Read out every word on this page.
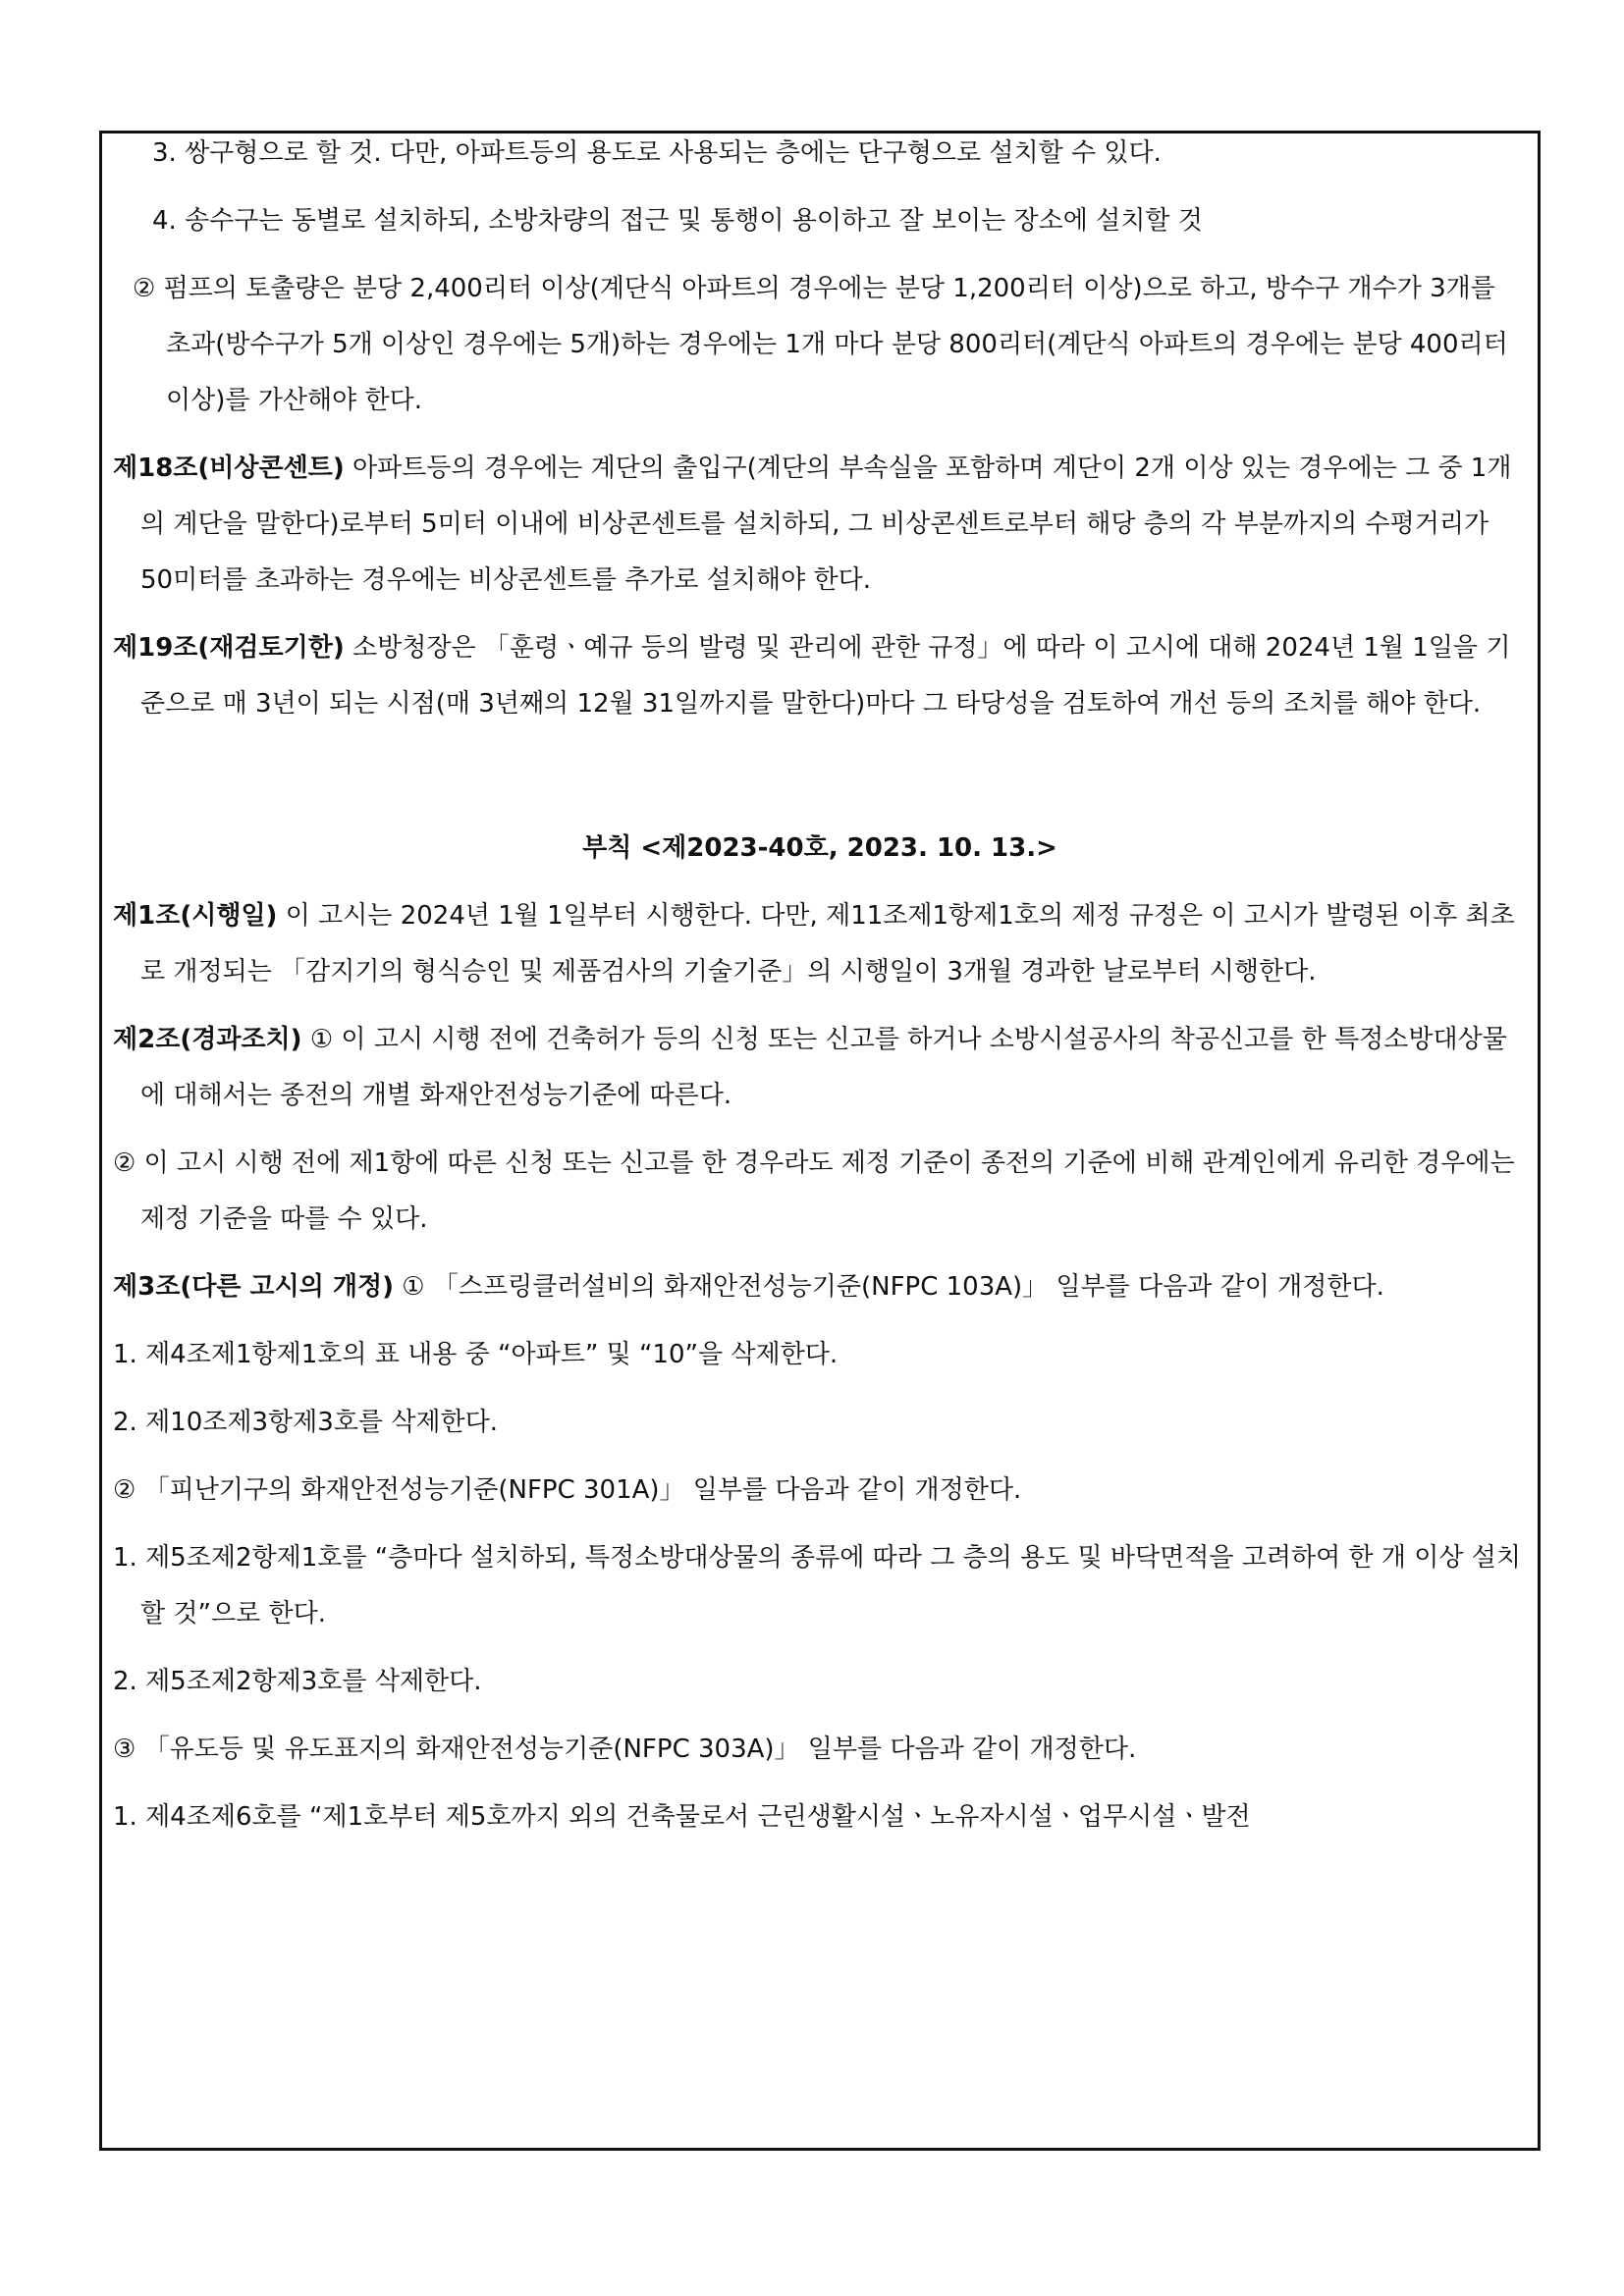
3. 쌍구형으로 할 것. 다만, 아파트등의 용도로 사용되는 층에는 단구형으로 설치할 수 있다.

4. 송수구는 동별로 설치하되, 소방차량의 접근 및 통행이 용이하고 잘 보이는 장소에 설치할 것

② 펌프의 토출량은 분당 2,400리터 이상(계단식 아파트의 경우에는 분당 1,200리터 이상)으로 하고, 방수구 개수가 3개를 초과(방수구가 5개 이상인 경우에는 5개)하는 경우에는 1개 마다 분당 800리터(계단식 아파트의 경우에는 분당 400리터 이상)를 가산해야 한다.

제18조(비상콘센트) 아파트등의 경우에는 계단의 출입구(계단의 부속실을 포함하며 계단이 2개 이상 있는 경우에는 그 중 1개의 계단을 말한다)로부터 5미터 이내에 비상콘센트를 설치하되, 그 비상콘센트로부터 해당 층의 각 부분까지의 수평거리가 50미터를 초과하는 경우에는 비상콘센트를 추가로 설치해야 한다.

제19조(재검토기한) 소방청장은 「훈령ㆍ예규 등의 발령 및 관리에 관한 규정」에 따라 이 고시에 대해 2024년 1월 1일을 기준으로 매 3년이 되는 시점(매 3년째의 12월 31일까지를 말한다)마다 그 타당성을 검토하여 개선 등의 조치를 해야 한다.

부칙 <제2023-40호, 2023. 10. 13.>

제1조(시행일) 이 고시는 2024년 1월 1일부터 시행한다. 다만, 제11조제1항제1호의 제정 규정은 이 고시가 발령된 이후 최초로 개정되는 「감지기의 형식승인 및 제품검사의 기술기준」의 시행일이 3개월 경과한 날로부터 시행한다.

제2조(경과조치) ① 이 고시 시행 전에 건축허가 등의 신청 또는 신고를 하거나 소방시설공사의 착공신고를 한 특정소방대상물에 대해서는 종전의 개별 화재안전성능기준에 따른다.

② 이 고시 시행 전에 제1항에 따른 신청 또는 신고를 한 경우라도 제정 기준이 종전의 기준에 비해 관계인에게 유리한 경우에는 제정 기준을 따를 수 있다.

제3조(다른 고시의 개정) ① 「스프링클러설비의 화재안전성능기준(NFPC 103A)」 일부를 다음과 같이 개정한다.

1. 제4조제1항제1호의 표 내용 중 “아파트” 및 “10”을 삭제한다.

2. 제10조제3항제3호를 삭제한다.

② 「피난기구의 화재안전성능기준(NFPC 301A)」 일부를 다음과 같이 개정한다.

1. 제5조제2항제1호를 “층마다 설치하되, 특정소방대상물의 종류에 따라 그 층의 용도 및 바닥면적을 고려하여 한 개 이상 설치할 것”으로 한다.

2. 제5조제2항제3호를 삭제한다.

③ 「유도등 및 유도표지의 화재안전성능기준(NFPC 303A)」 일부를 다음과 같이 개정한다.

1. 제4조제6호를 “제1호부터 제5호까지 외의 건축물로서 근린생활시설ㆍ노유자시설ㆍ업무시설ㆍ발전
